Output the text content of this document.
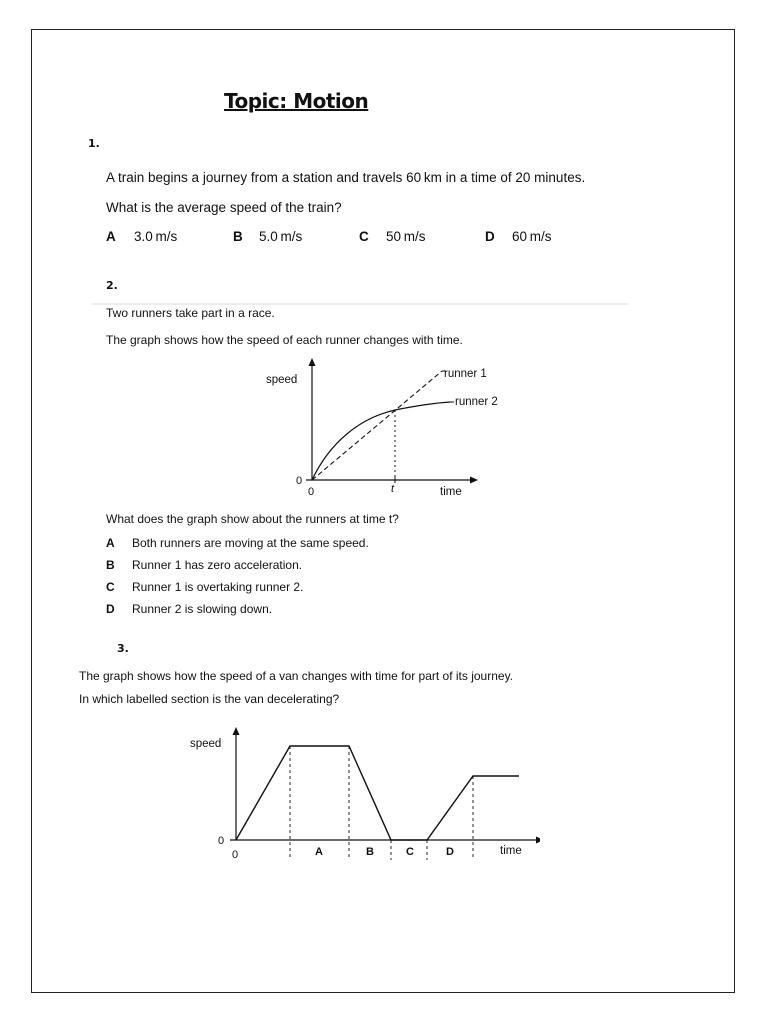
Topic: Motion
1.
A train begins a journey from a station and travels 60 km in a time of 20 minutes.
What is the average speed of the train?
A 3.0 m/s	B 5.0 m/s	C 50 m/s	D 60 m/s
2.
Two runners take part in a race.
The graph shows how the speed of each runner changes with time.
speed
time
0
0	t
runner 1
runner 2
What does the graph show about the runners at time t?
A Both runners are moving at the same speed.
B Runner 1 has zero acceleration.
C Runner 1 is overtaking runner 2.
D Runner 2 is slowing down.
3.
The graph shows how the speed of a van changes with time for part of its journey.
In which labelled section is the van decelerating?
speed
time
0
0	A	B	C	D
